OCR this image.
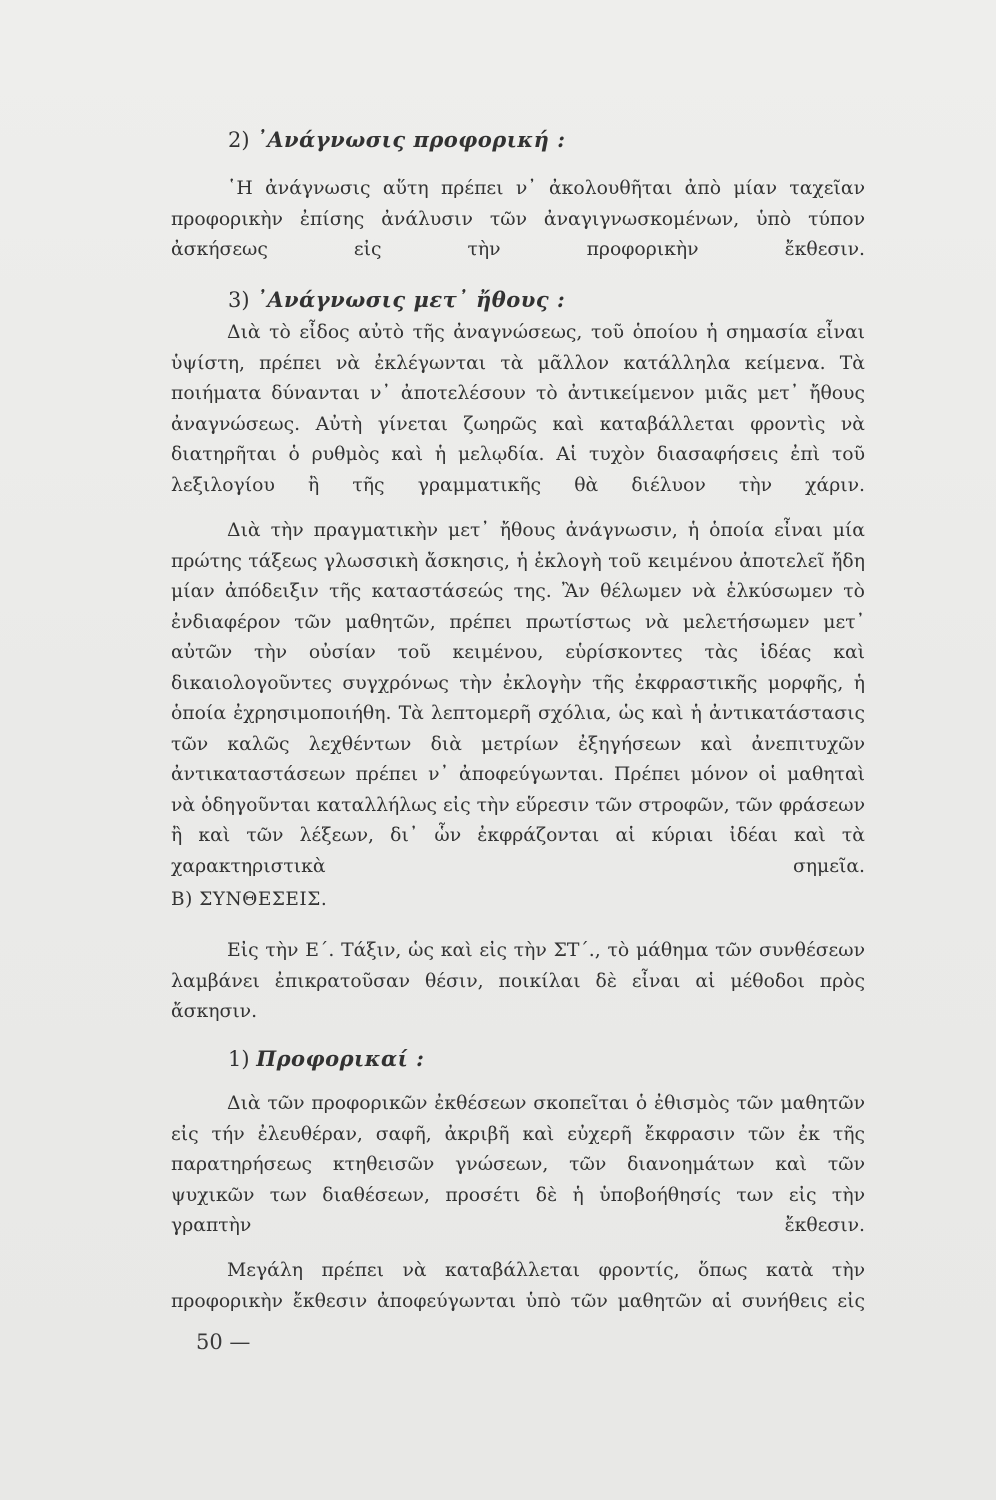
2) ᾿Ανάγνωσις προφορική :
῾Η ἀνάγνωσις αὕτη πρέπει ν᾿ ἀκολουθῆται ἀπὸ μίαν ταχεῖαν προφορικὴν ἐπίσης ἀνάλυσιν τῶν ἀναγιγνωσκομένων, ὑπὸ τύπον ἀσκήσεως εἰς τὴν προφορικὴν ἔκθεσιν.
3) ᾿Ανάγνωσις μετ᾿ ἤθους :
Διὰ τὸ εἶδος αὐτὸ τῆς ἀναγνώσεως, τοῦ ὁποίου ἡ σημασία εἶναι ὑψίστη, πρέπει νὰ ἐκλέγωνται τὰ μᾶλλον κατάλληλα κείμενα. Τὰ ποιήματα δύνανται ν᾿ ἀποτελέσουν τὸ ἀντικείμενον μιᾶς μετ᾿ ἤθους ἀναγνώσεως. Αὐτὴ γίνεται ζωηρῶς καὶ καταβάλλεται φροντὶς νὰ διατηρῆται ὁ ρυθμὸς καὶ ἡ μελῳδία. Αἱ τυχὸν διασαφήσεις ἐπὶ τοῦ λεξιλογίου ἢ τῆς γραμματικῆς θὰ διέλυον τὴν χάριν.
Διὰ τὴν πραγματικὴν μετ᾿ ἤθους ἀνάγνωσιν, ἡ ὁποία εἶναι μία πρώτης τάξεως γλωσσικὴ ἄσκησις, ἡ ἐκλογὴ τοῦ κειμένου ἀποτελεῖ ἤδη μίαν ἀπόδειξιν τῆς καταστάσεώς της. Ἂν θέλωμεν νὰ ἑλκύσωμεν τὸ ἐνδιαφέρον τῶν μαθητῶν, πρέπει πρωτίστως νὰ μελετήσωμεν μετ᾿ αὐτῶν τὴν οὐσίαν τοῦ κειμένου, εὑρίσκοντες τὰς ἰδέας καὶ δικαιολογοῦντες συγχρόνως τὴν ἐκλογὴν τῆς ἐκφραστικῆς μορφῆς, ἡ ὁποία ἐχρησιμοποιήθη. Τὰ λεπτομερῆ σχόλια, ὡς καὶ ἡ ἀντικατάστασις τῶν καλῶς λεχθέντων διὰ μετρίων ἐξηγήσεων καὶ ἀνεπιτυχῶν ἀντικαταστάσεων πρέπει ν᾿ ἀποφεύγωνται. Πρέπει μόνον οἱ μαθηταὶ νὰ ὁδηγοῦνται καταλλήλως εἰς τὴν εὕρεσιν τῶν στροφῶν, τῶν φράσεων ἢ καὶ τῶν λέξεων, δι᾿ ὧν ἐκφράζονται αἱ κύριαι ἰδέαι καὶ τὰ χαρακτηριστικὰ σημεῖα.
Β) ΣΥΝΘΕΣΕΙΣ.
Εἰς τὴν Ε΄. Τάξιν, ὡς καὶ εἰς τὴν ΣΤ΄., τὸ μάθημα τῶν συνθέσεων λαμβάνει ἐπικρατοῦσαν θέσιν, ποικίλαι δὲ εἶναι αἱ μέθοδοι πρὸς ἄσκησιν.
1) Προφορικαί :
Διὰ τῶν προφορικῶν ἐκθέσεων σκοπεῖται ὁ ἐθισμὸς τῶν μαθητῶν εἰς τήν ἐλευθέραν, σαφῆ, ἀκριβῆ καὶ εὐχερῆ ἔκφρασιν τῶν ἐκ τῆς παρατηρήσεως κτηθεισῶν γνώσεων, τῶν διανοημάτων καὶ τῶν ψυχικῶν των διαθέσεων, προσέτι δὲ ἡ ὑποβοήθησίς των εἰς τὴν γραπτὴν ἔκθεσιν.
Μεγάλη πρέπει νὰ καταβάλλεται φροντίς, ὅπως κατὰ τὴν προφορικὴν ἔκθεσιν ἀποφεύγωνται ὑπὸ τῶν μαθητῶν αἱ συνήθεις εἰς
50 —
